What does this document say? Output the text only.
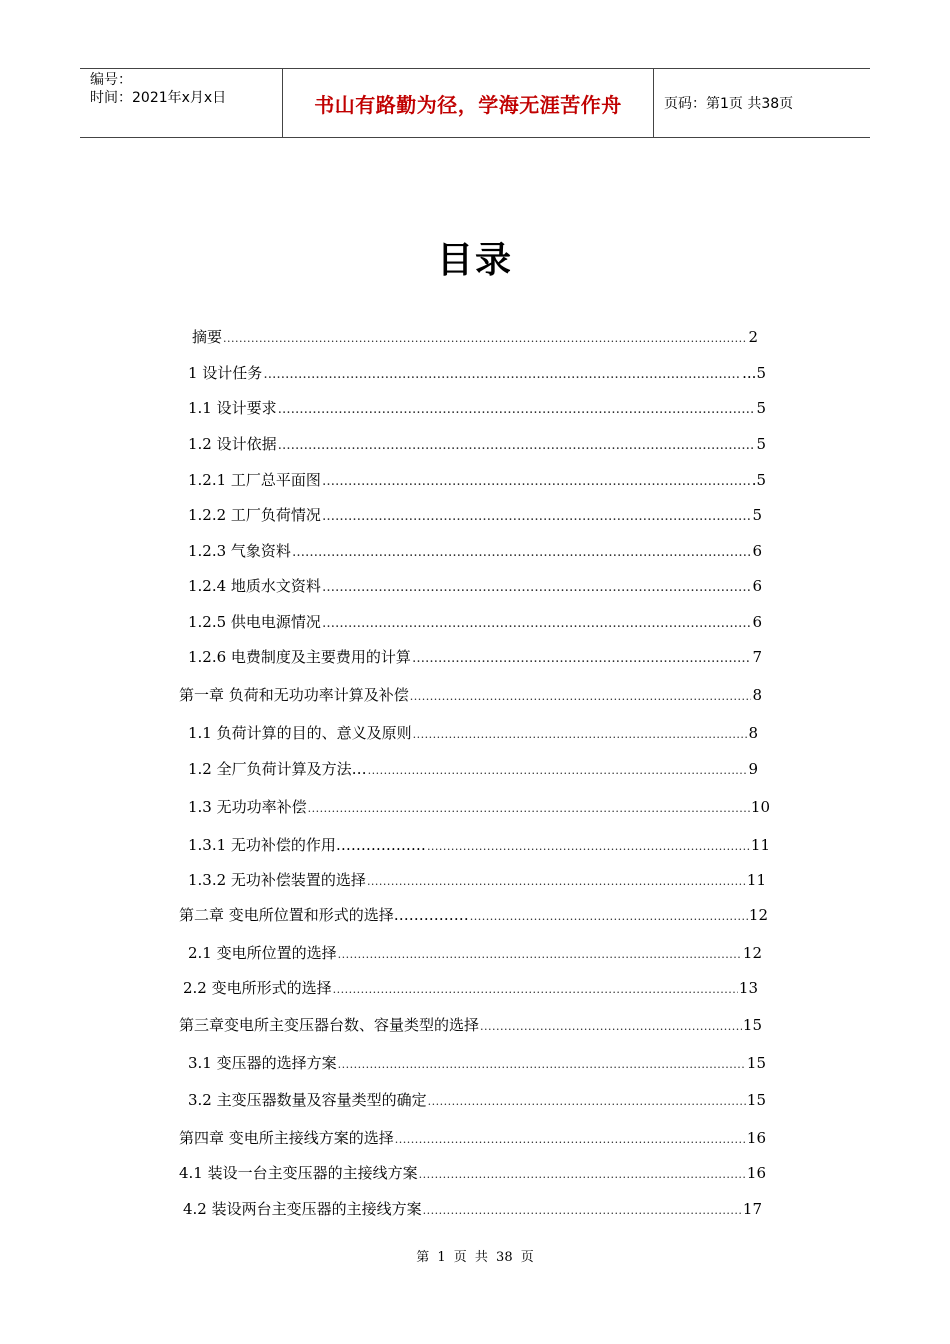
编号：
时间：2021年x月x日	书山有路勤为径，学海无涯苦作舟	页码：第1页 共38页
目录
摘要 .....	2
1 设计任务 …………………………………………………………………………………………………………………………………………	...5
1.1 设计要求 …………………………………………………………………………………………………………………………………………	5
1.2 设计依据 …………………………………………………………………………………………………………………………………………	5
1.2.1 工厂总平面图 …………………………………………………………………………………………………………………………………………	.5
1.2.2 工厂负荷情况 …………………………………………………………………………………………………………………………………………	5
1.2.3 气象资料 …………………………………………………………………………………………………………………………………………	6
1.2.4 地质水文资料 …………………………………………………………………………………………………………………………………………	6
1.2.5 供电电源情况 …………………………………………………………………………………………………………………………………………	6
1.2.6 电费制度及主要费用的计算 …………………………………………………………………………………………………………………………………………	7
第一章 负荷和无功功率计算及补偿 .....	8
1.1 负荷计算的目的、意义及原则 .....	8
1.2 全厂负荷计算及方法… .....	9
1.3 无功功率补偿 .....	10
1.3.1 无功补偿的作用……………… .....	11
1.3.2 无功补偿装置的选择 .....	11
第二章 变电所位置和形式的选择…………… .....	12
2.1 变电所位置的选择 .....	12
2.2 变电所形式的选择 .....	13
第三章变电所主变压器台数、容量类型的选择 .....	15
3.1 变压器的选择方案 .....	15
3.2 主变压器数量及容量类型的确定 .....	15
第四章 变电所主接线方案的选择 .....	16
4.1 装设一台主变压器的主接线方案 .....	16
4.2 装设两台主变压器的主接线方案 .....	17
第 1 页 共 38 页
